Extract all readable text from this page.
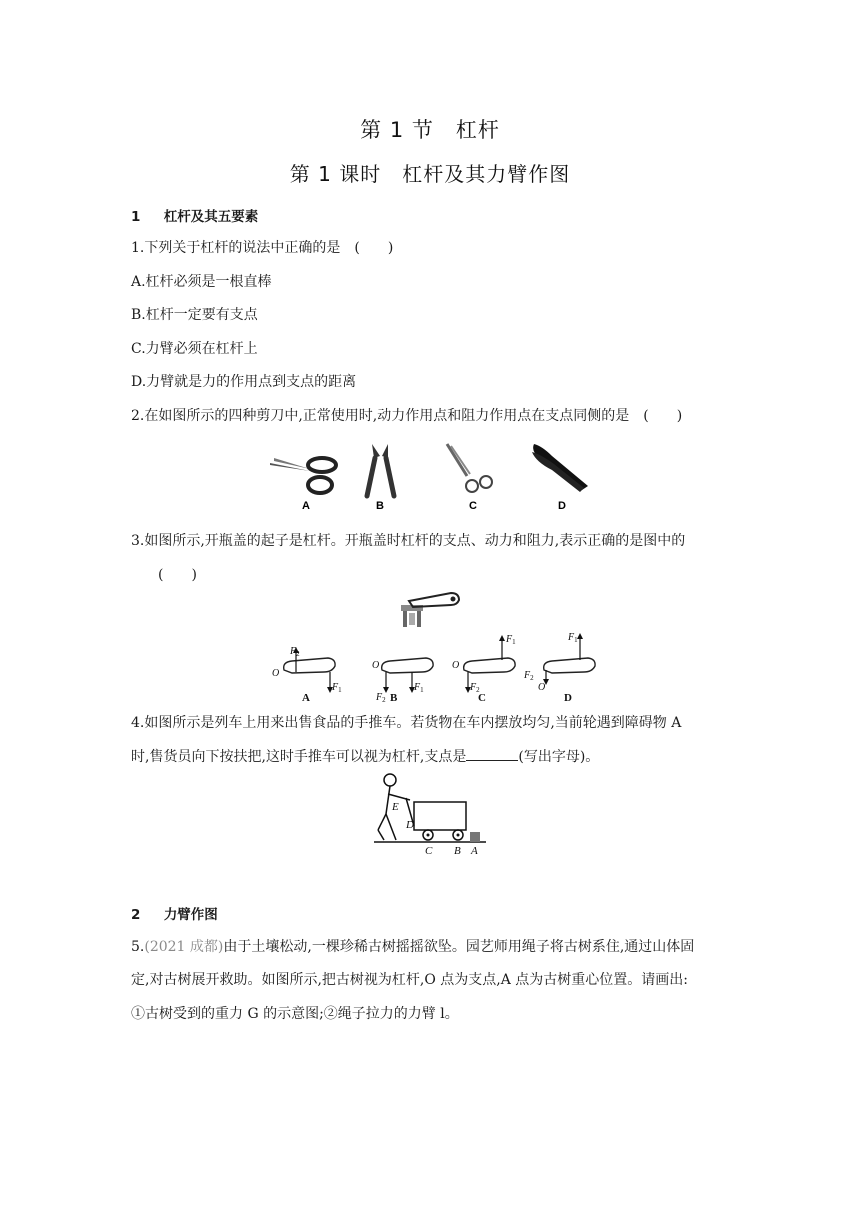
第 1 节　杠杆
第 1 课时　杠杆及其力臂作图
1 杠杆及其五要素
1.下列关于杠杆的说法中正确的是　(　　)
A.杠杆必须是一根直棒
B.杠杆一定要有支点
C.力臂必须在杠杆上
D.力臂就是力的作用点到支点的距离
2.在如图所示的四种剪刀中,正常使用时,动力作用点和阻力作用点在支点同侧的是　(　　)
A	B	C	D
3.如图所示,开瓶盖的起子是杠杆。开瓶盖时杠杆的支点、动力和阻力,表示正确的是图中的
(　　)
O
$F_2$
$F_1$
O
$F_2$
$F_1$
O
$F_2$
$F_1$	$F_1$
$F_2$
O
A	B	C	D
4.如图所示是列车上用来出售食品的手推车。若货物在车内摆放均匀,当前轮遇到障碍物 A
时,售货员向下按扶把,这时手推车可以视为杠杆,支点是	(写出字母)。
E
D
C B A
2 力臂作图
5.(2021 成都)由于土壤松动,一棵珍稀古树摇摇欲坠。园艺师用绳子将古树系住,通过山体固
定,对古树展开救助。如图所示,把古树视为杠杆,O 点为支点,A 点为古树重心位置。请画出:
①古树受到的重力 G 的示意图;②绳子拉力的力臂 l。
